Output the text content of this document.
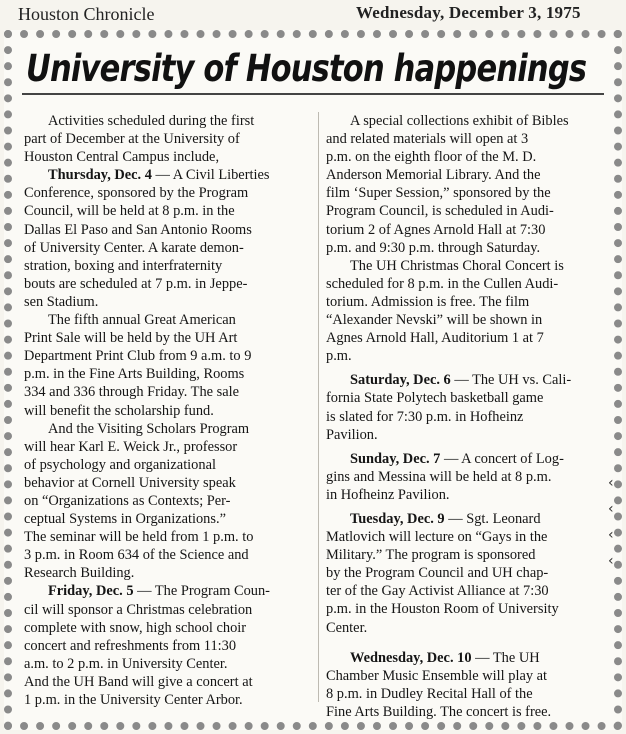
Houston Chronicle	Wednesday, December 3, 1975
University of Houston happenings
Activities scheduled during the first
part of December at the University of
Houston Central Campus include,
Thursday, Dec. 4 — A Civil Liberties
Conference, sponsored by the Program
Council, will be held at 8 p.m. in the
Dallas El Paso and San Antonio Rooms
of University Center. A karate demon-
stration, boxing and interfraternity
bouts are scheduled at 7 p.m. in Jeppe-
sen Stadium.
The fifth annual Great American
Print Sale will be held by the UH Art
Department Print Club from 9 a.m. to 9
p.m. in the Fine Arts Building, Rooms
334 and 336 through Friday. The sale
will benefit the scholarship fund.
And the Visiting Scholars Program
will hear Karl E. Weick Jr., professor
of psychology and organizational
behavior at Cornell University speak
on “Organizations as Contexts; Per-
ceptual Systems in Organizations.”
The seminar will be held from 1 p.m. to
3 p.m. in Room 634 of the Science and
Research Building.
Friday, Dec. 5 — The Program Coun-
cil will sponsor a Christmas celebration
complete with snow, high school choir
concert and refreshments from 11:30
a.m. to 2 p.m. in University Center.
And the UH Band will give a concert at
1 p.m. in the University Center Arbor.
A special collections exhibit of Bibles
and related materials will open at 3
p.m. on the eighth floor of the M. D.
Anderson Memorial Library. And the
film ‘Super Session,” sponsored by the
Program Council, is scheduled in Audi-
torium 2 of Agnes Arnold Hall at 7:30
p.m. and 9:30 p.m. through Saturday.
The UH Christmas Choral Concert is
scheduled for 8 p.m. in the Cullen Audi-
torium. Admission is free. The film
“Alexander Nevski” will be shown in
Agnes Arnold Hall, Auditorium 1 at 7
p.m.
Saturday, Dec. 6 — The UH vs. Cali-
fornia State Polytech basketball game
is slated for 7:30 p.m. in Hofheinz
Pavilion.
Sunday, Dec. 7 — A concert of Log-
gins and Messina will be held at 8 p.m.
in Hofheinz Pavilion.
Tuesday, Dec. 9 — Sgt. Leonard
Matlovich will lecture on “Gays in the
Military.” The program is sponsored
by the Program Council and UH chap-
ter of the Gay Activist Alliance at 7:30
p.m. in the Houston Room of University
Center.
Wednesday, Dec. 10 — The UH
Chamber Music Ensemble will play at
8 p.m. in Dudley Recital Hall of the
Fine Arts Building. The concert is free.
‹
‹
‹
‹
